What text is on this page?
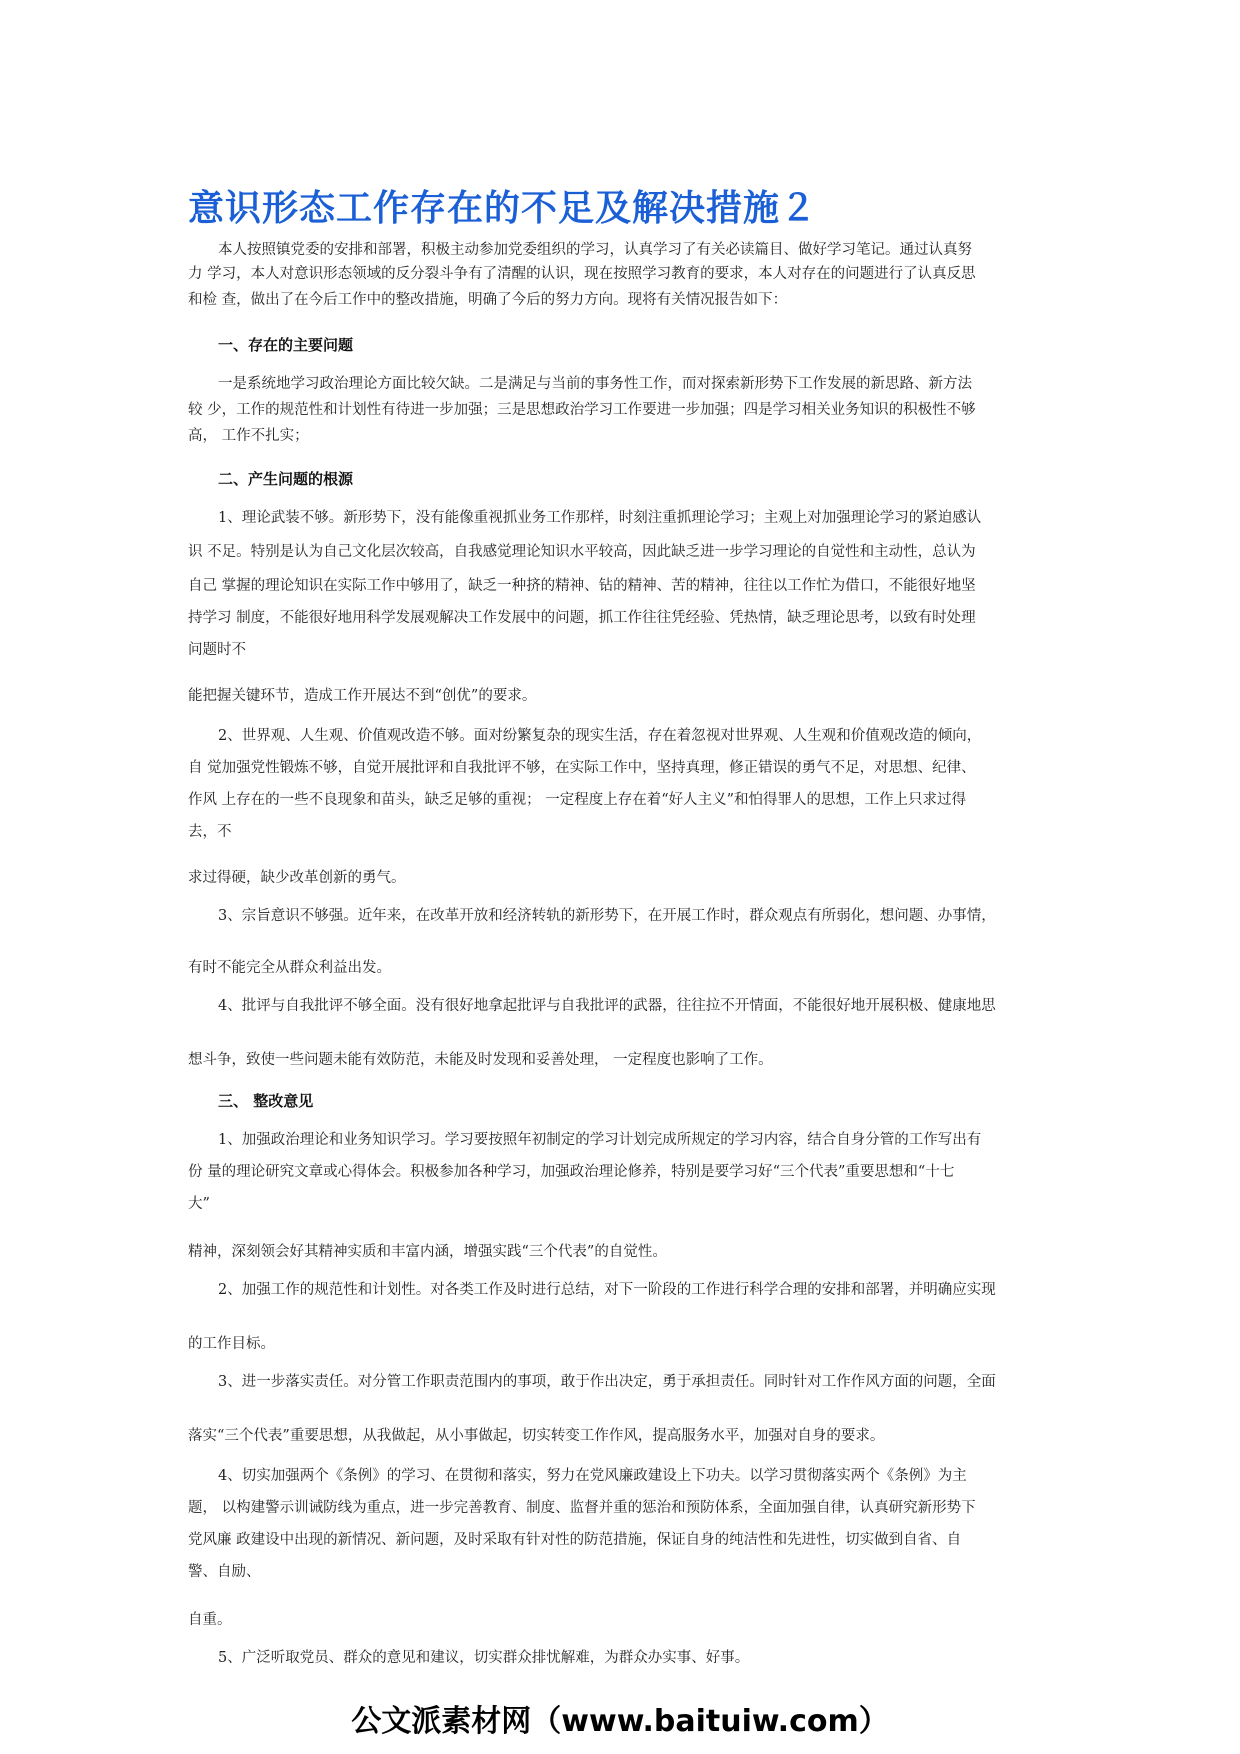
意识形态工作存在的不足及解决措施２

本人按照镇党委的安排和部署，积极主动参加党委组织的学习，认真学习了有关必读篇目、做好学习笔记。通过认真努

力 学习，本人对意识形态领域的反分裂斗争有了清醒的认识，现在按照学习教育的要求，本人对存在的问题进行了认真反思

和检 查，做出了在今后工作中的整改措施，明确了今后的努力方向。现将有关情况报告如下：

一、存在的主要问题

一是系统地学习政治理论方面比较欠缺。二是满足与当前的事务性工作，而对探索新形势下工作发展的新思路、新方法

较 少，工作的规范性和计划性有待进一步加强；三是思想政治学习工作要进一步加强；四是学习相关业务知识的积极性不够

高， 工作不扎实；

二、产生问题的根源

1、理论武装不够。新形势下，没有能像重视抓业务工作那样，时刻注重抓理论学习；主观上对加强理论学习的紧迫感认

识 不足。特别是认为自己文化层次较高，自我感觉理论知识水平较高，因此缺乏进一步学习理论的自觉性和主动性，总认为

自己 掌握的理论知识在实际工作中够用了，缺乏一种挤的精神、钻的精神、苦的精神，往往以工作忙为借口，不能很好地坚

持学习 制度，不能很好地用科学发展观解决工作发展中的问题，抓工作往往凭经验、凭热情，缺乏理论思考，以致有时处理

问题时不

能把握关键环节，造成工作开展达不到“创优”的要求。

2、世界观、人生观、价值观改造不够。面对纷繁复杂的现实生活，存在着忽视对世界观、人生观和价值观改造的倾向，

自 觉加强党性锻炼不够，自觉开展批评和自我批评不够，在实际工作中，坚持真理，修正错误的勇气不足，对思想、纪律、

作风 上存在的一些不良现象和苗头，缺乏足够的重视； 一定程度上存在着“好人主义”和怕得罪人的思想，工作上只求过得

去，不

求过得硬，缺少改革创新的勇气。

3、宗旨意识不够强。近年来，在改革开放和经济转轨的新形势下，在开展工作时，群众观点有所弱化，想问题、办事情，

有时不能完全从群众利益出发。

4、批评与自我批评不够全面。没有很好地拿起批评与自我批评的武器，往往拉不开情面，不能很好地开展积极、健康地思

想斗争，致使一些问题未能有效防范，未能及时发现和妥善处理， 一定程度也影响了工作。

三、 整改意见

1、加强政治理论和业务知识学习。学习要按照年初制定的学习计划完成所规定的学习内容，结合自身分管的工作写出有

份 量的理论研究文章或心得体会。积极参加各种学习，加强政治理论修养，特别是要学习好“三个代表”重要思想和“十七

大”

精神，深刻领会好其精神实质和丰富内涵，增强实践“三个代表”的自觉性。

2、加强工作的规范性和计划性。对各类工作及时进行总结，对下一阶段的工作进行科学合理的安排和部署，并明确应实现

的工作目标。

3、进一步落实责任。对分管工作职责范围内的事项，敢于作出决定，勇于承担责任。同时针对工作作风方面的问题，全面

落实“三个代表”重要思想，从我做起，从小事做起，切实转变工作作风，提高服务水平，加强对自身的要求。

4、切实加强两个《条例》的学习、在贯彻和落实，努力在党风廉政建设上下功夫。以学习贯彻落实两个《条例》为主

题， 以构建警示训诫防线为重点，进一步完善教育、制度、监督并重的惩治和预防体系，全面加强自律，认真研究新形势下

党风廉 政建设中出现的新情况、新问题，及时采取有针对性的防范措施，保证自身的纯洁性和先进性，切实做到自省、自

警、自励、

自重。

5、广泛听取党员、群众的意见和建议，切实群众排忧解难，为群众办实事、好事。

公文派素材网（www.baituiw.com）
